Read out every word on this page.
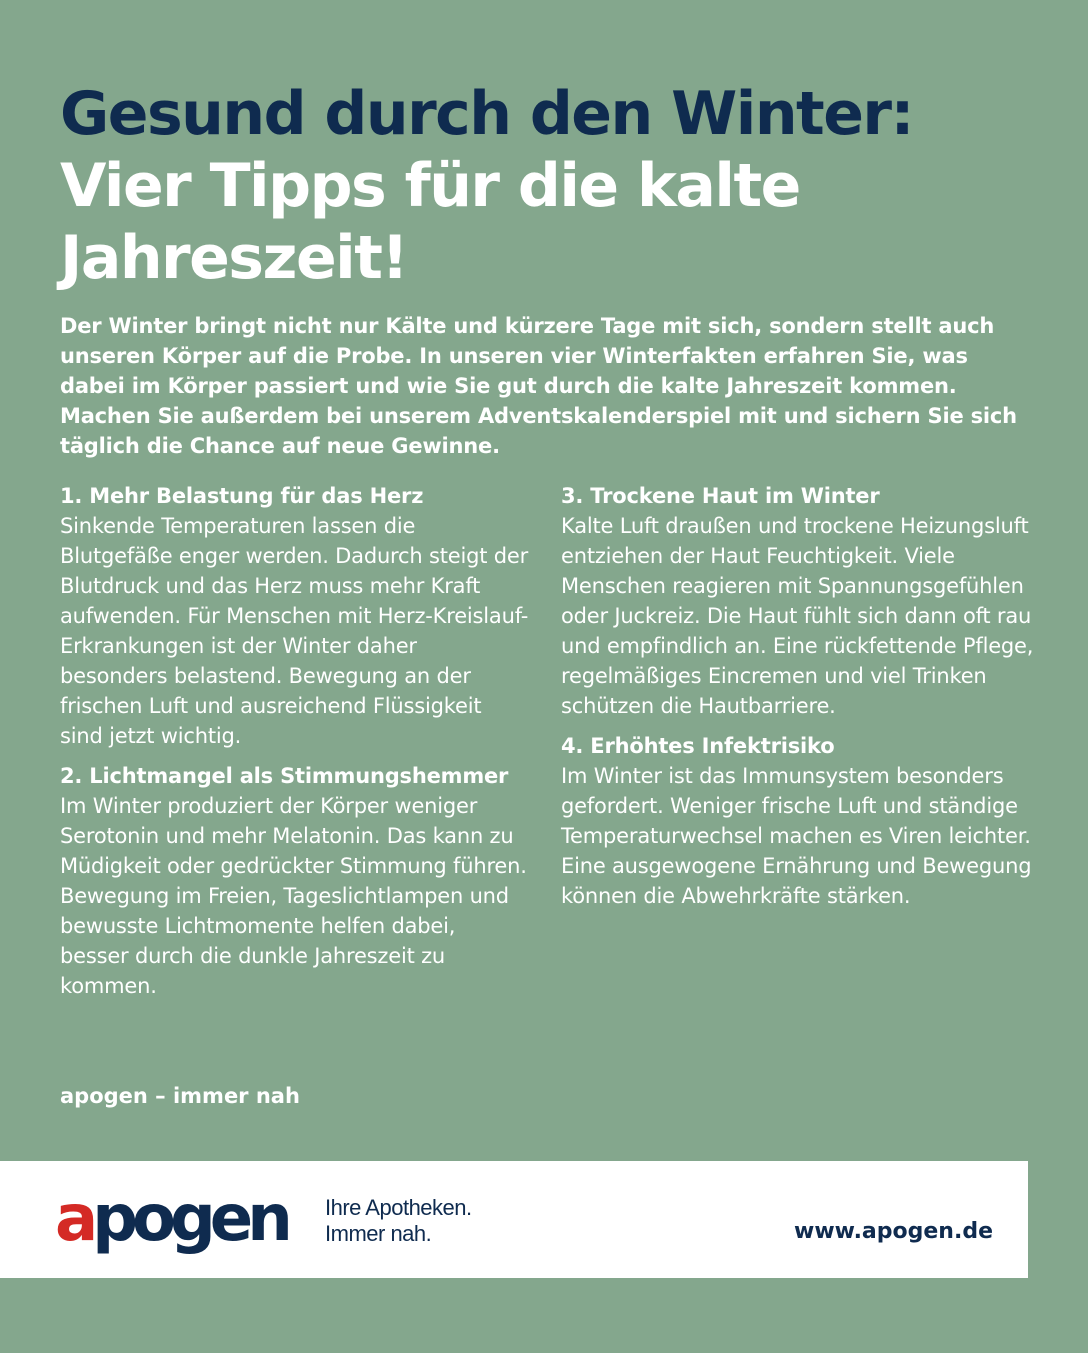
Gesund durch den Winter:
Vier Tipps für die kalte Jahreszeit!

Der Winter bringt nicht nur Kälte und kürzere Tage mit sich, sondern stellt auch unseren Körper auf die Probe. In unseren vier Winterfakten erfahren Sie, was dabei im Körper passiert und wie Sie gut durch die kalte Jahreszeit kommen. Machen Sie außerdem bei unserem Adventskalenderspiel mit und sichern Sie sich täglich die Chance auf neue Gewinne.

1. Mehr Belastung für das Herz

Sinkende Temperaturen lassen die Blutgefäße enger werden. Dadurch steigt der Blutdruck und das Herz muss mehr Kraft aufwenden. Für Menschen mit Herz-Kreislauf-Erkrankungen ist der Winter daher besonders belastend. Bewegung an der frischen Luft und ausreichend Flüssigkeit sind jetzt wichtig.

2. Lichtmangel als Stimmungshemmer

Im Winter produziert der Körper weniger Serotonin und mehr Melatonin. Das kann zu Müdigkeit oder gedrückter Stimmung führen. Bewegung im Freien, Tageslichtlampen und bewusste Lichtmomente helfen dabei, besser durch die dunkle Jahreszeit zu kommen.

3. Trockene Haut im Winter

Kalte Luft draußen und trockene Heizungsluft entziehen der Haut Feuchtigkeit. Viele Menschen reagieren mit Spannungsgefühlen oder Juckreiz. Die Haut fühlt sich dann oft rau und empfindlich an. Eine rückfettende Pflege, regelmäßiges Eincremen und viel Trinken schützen die Hautbarriere.

4. Erhöhtes Infektrisiko

Im Winter ist das Immunsystem besonders gefordert. Weniger frische Luft und ständige Temperaturwechsel machen es Viren leichter. Eine ausgewogene Ernährung und Bewegung können die Abwehrkräfte stärken.

apogen – immer nah
apogen Ihre Apotheken.
Immer nah.	www.apogen.de
